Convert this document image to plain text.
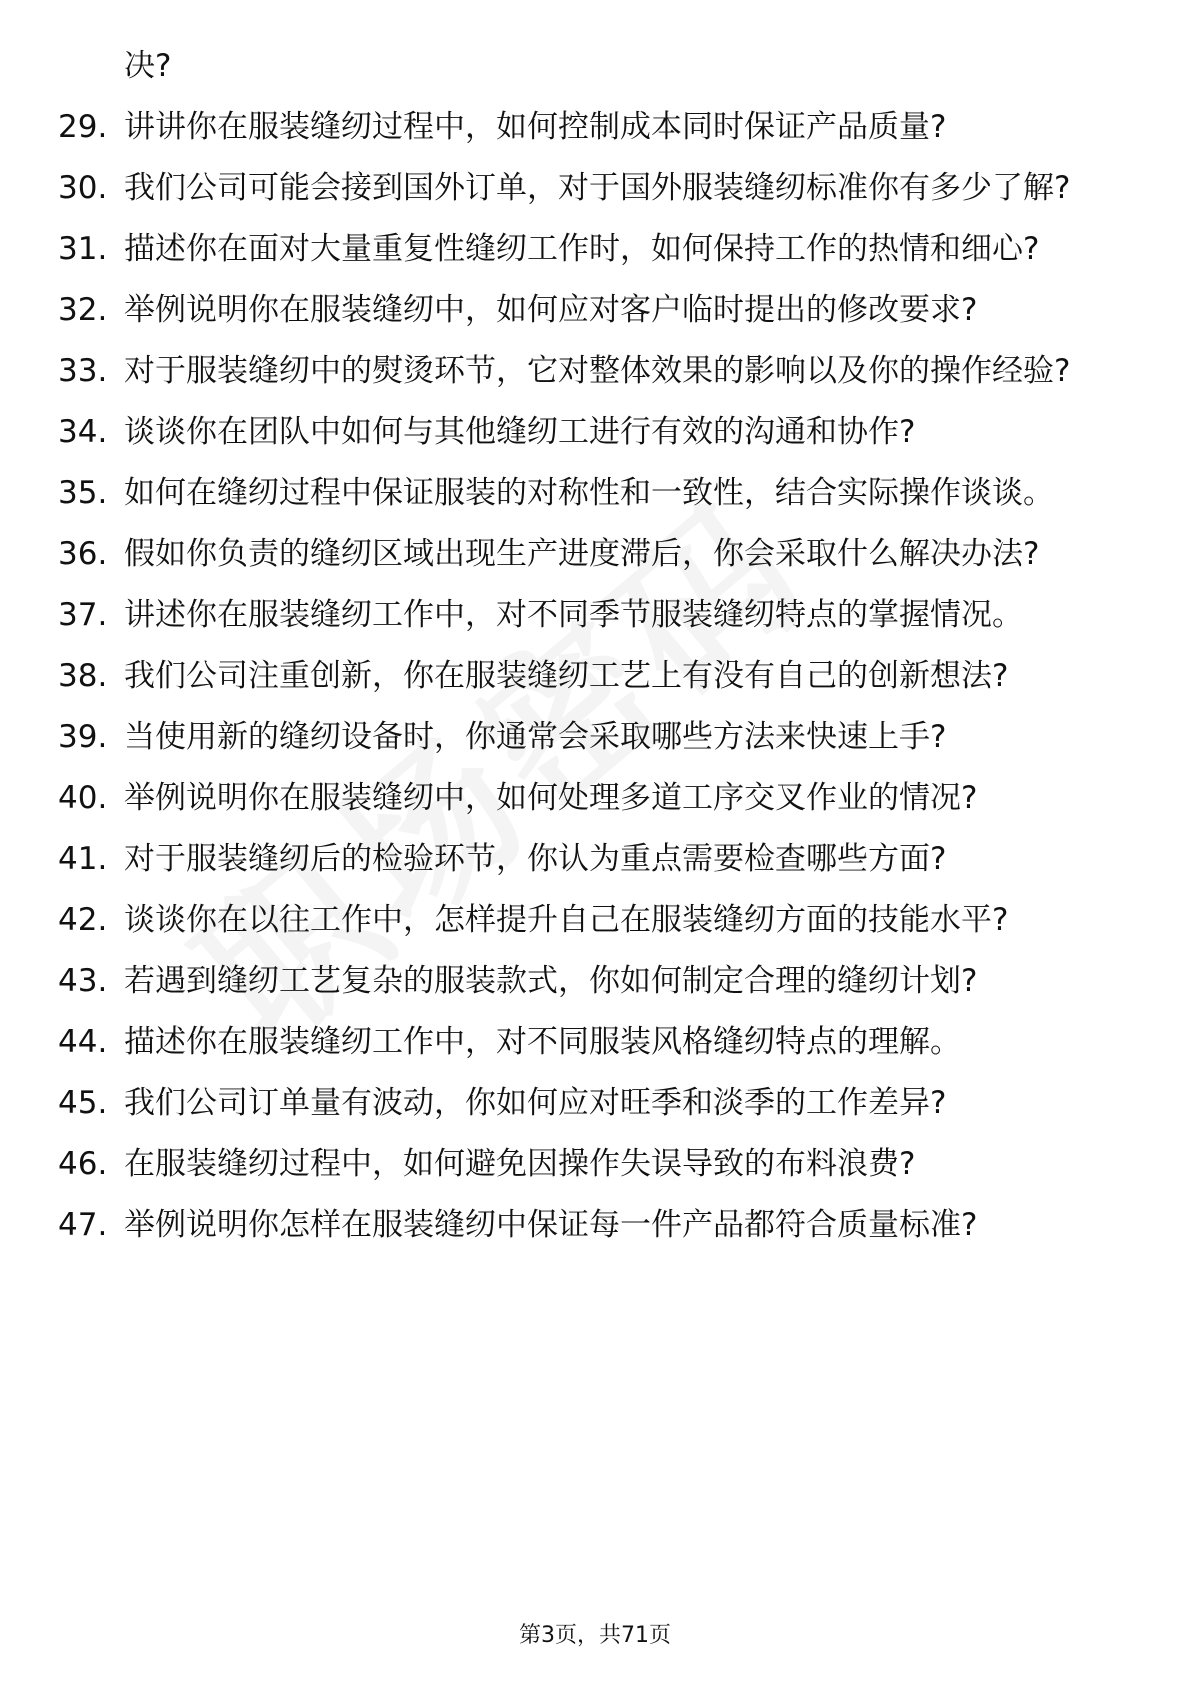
决?
29. 讲讲你在服装缝纫过程中，如何控制成本同时保证产品质量?
30. 我们公司可能会接到国外订单，对于国外服装缝纫标准你有多少了解?
31. 描述你在面对大量重复性缝纫工作时，如何保持工作的热情和细心?
32. 举例说明你在服装缝纫中，如何应对客户临时提出的修改要求?
33. 对于服装缝纫中的熨烫环节，它对整体效果的影响以及你的操作经验?
34. 谈谈你在团队中如何与其他缝纫工进行有效的沟通和协作?
35. 如何在缝纫过程中保证服装的对称性和一致性，结合实际操作谈谈。
36. 假如你负责的缝纫区域出现生产进度滞后，你会采取什么解决办法?
37. 讲述你在服装缝纫工作中，对不同季节服装缝纫特点的掌握情况。
38. 我们公司注重创新，你在服装缝纫工艺上有没有自己的创新想法?
39. 当使用新的缝纫设备时，你通常会采取哪些方法来快速上手?
40. 举例说明你在服装缝纫中，如何处理多道工序交叉作业的情况?
41. 对于服装缝纫后的检验环节，你认为重点需要检查哪些方面?
42. 谈谈你在以往工作中，怎样提升自己在服装缝纫方面的技能水平?
43. 若遇到缝纫工艺复杂的服装款式，你如何制定合理的缝纫计划?
44. 描述你在服装缝纫工作中，对不同服装风格缝纫特点的理解。
45. 我们公司订单量有波动，你如何应对旺季和淡季的工作差异?
46. 在服装缝纫过程中，如何避免因操作失误导致的布料浪费?
47. 举例说明你怎样在服装缝纫中保证每一件产品都符合质量标准?
第3页，共71页
